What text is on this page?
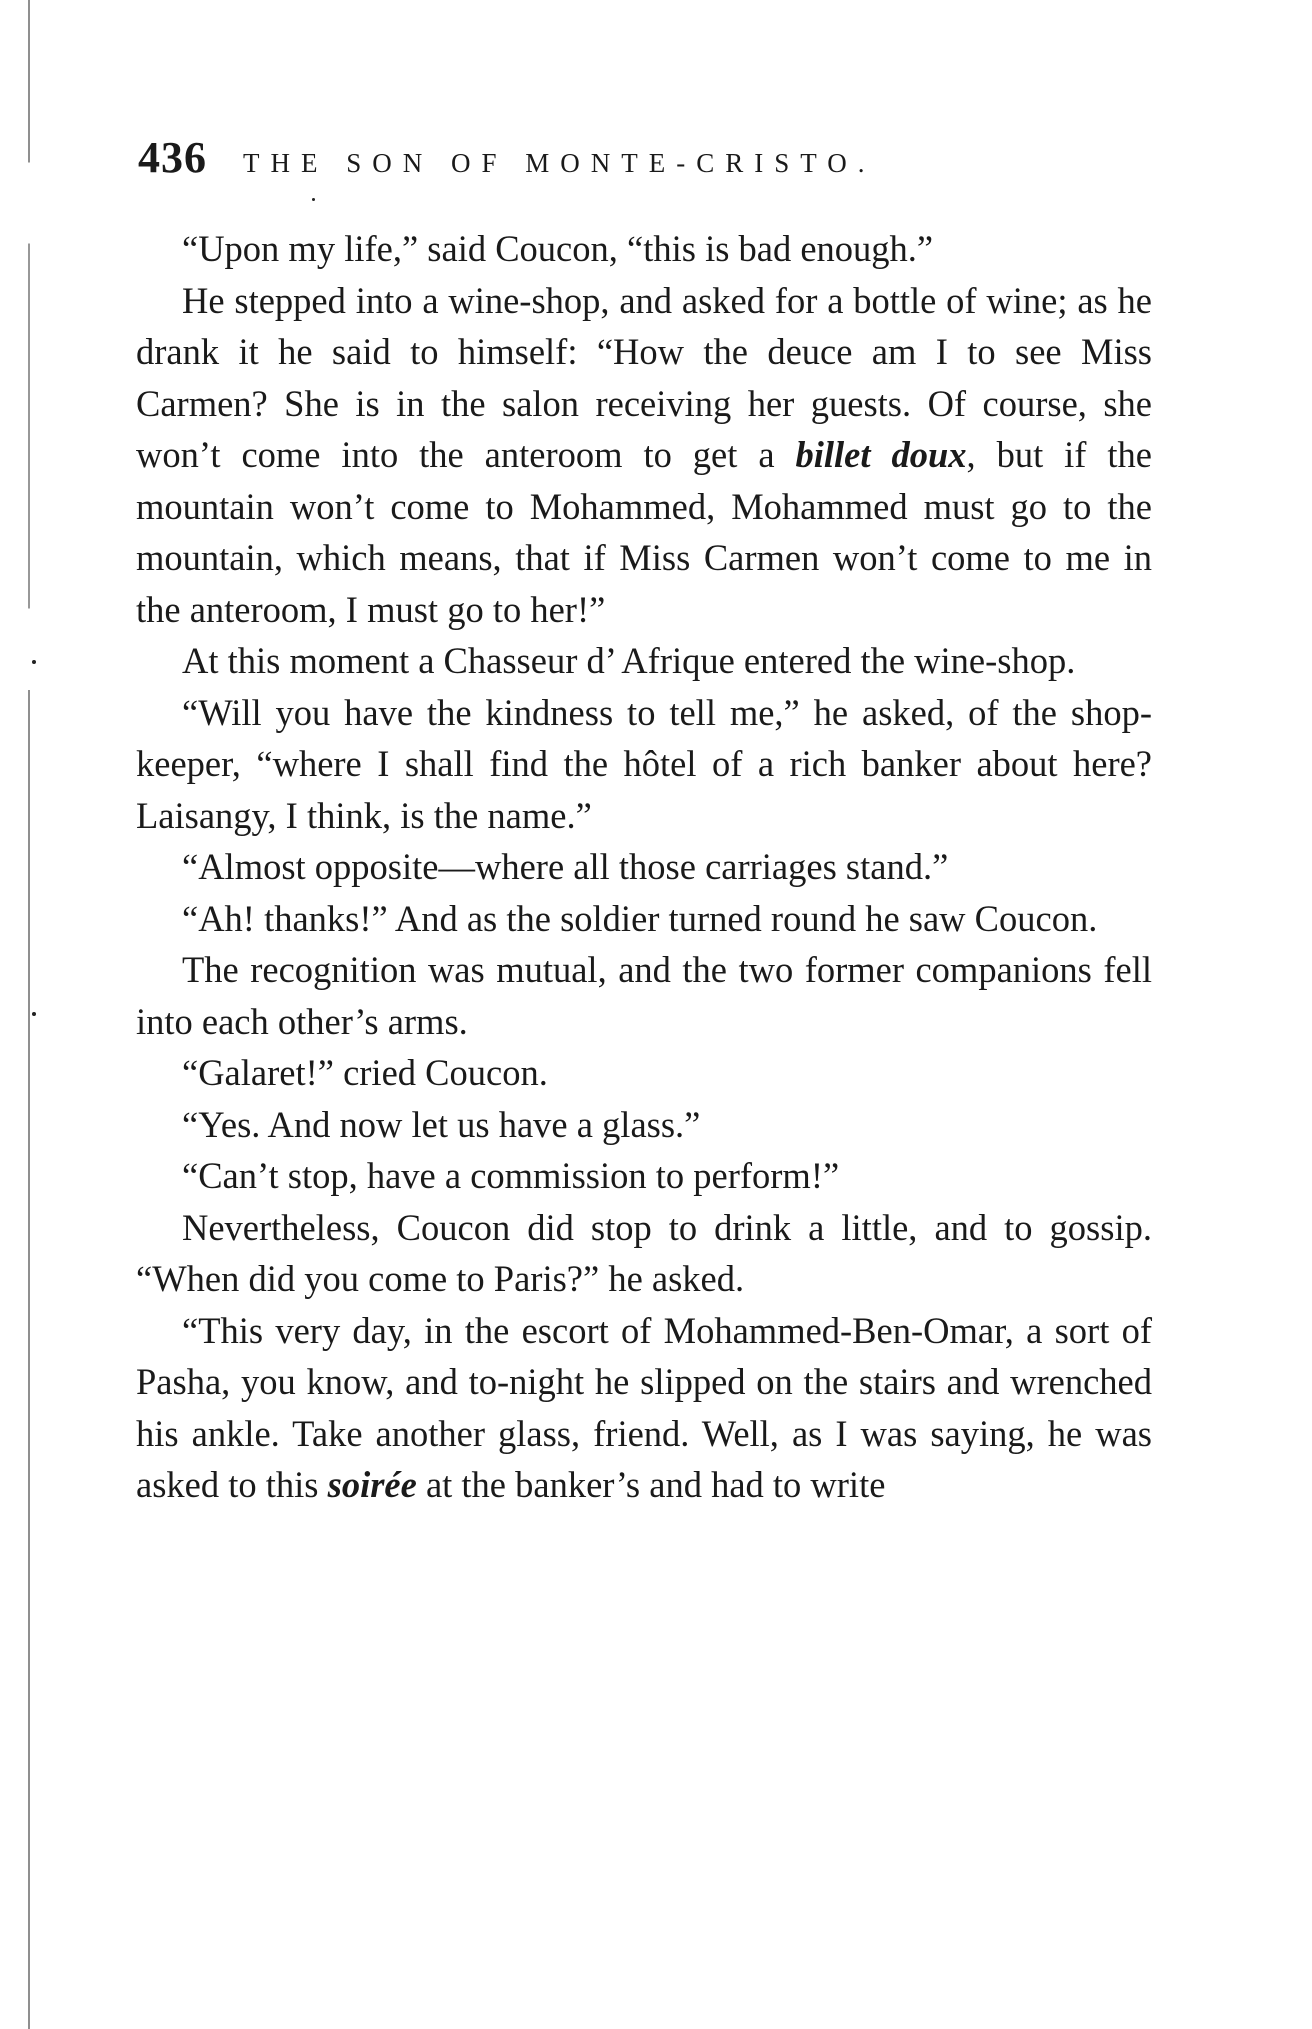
436 THE SON OF MONTE-CRISTO.

“Upon my life,” said Coucon, “this is bad enough.”

He stepped into a wine-shop, and asked for a bottle of wine; as he drank it he said to himself: “How the deuce am I to see Miss Carmen? She is in the salon receiving her guests. Of course, she won’t come into the anteroom to get a billet doux, but if the mountain won’t come to Mohammed, Mohammed must go to the mountain, which means, that if Miss Carmen won’t come to me in the anteroom, I must go to her!”

At this moment a Chasseur d’ Afrique entered the wine-shop.

“Will you have the kindness to tell me,” he asked, of the shop-keeper, “where I shall find the hôtel of a rich banker about here? Laisangy, I think, is the name.”

“Almost opposite—where all those carriages stand.”

“Ah! thanks!” And as the soldier turned round he saw Coucon.

The recognition was mutual, and the two former companions fell into each other’s arms.

“Galaret!” cried Coucon.

“Yes. And now let us have a glass.”

“Can’t stop, have a commission to perform!”

Nevertheless, Coucon did stop to drink a little, and to gossip. “When did you come to Paris?” he asked.

“This very day, in the escort of Mohammed-Ben-Omar, a sort of Pasha, you know, and to-night he slipped on the stairs and wrenched his ankle. Take another glass, friend. Well, as I was saying, he was asked to this soirée at the banker’s and had to write
